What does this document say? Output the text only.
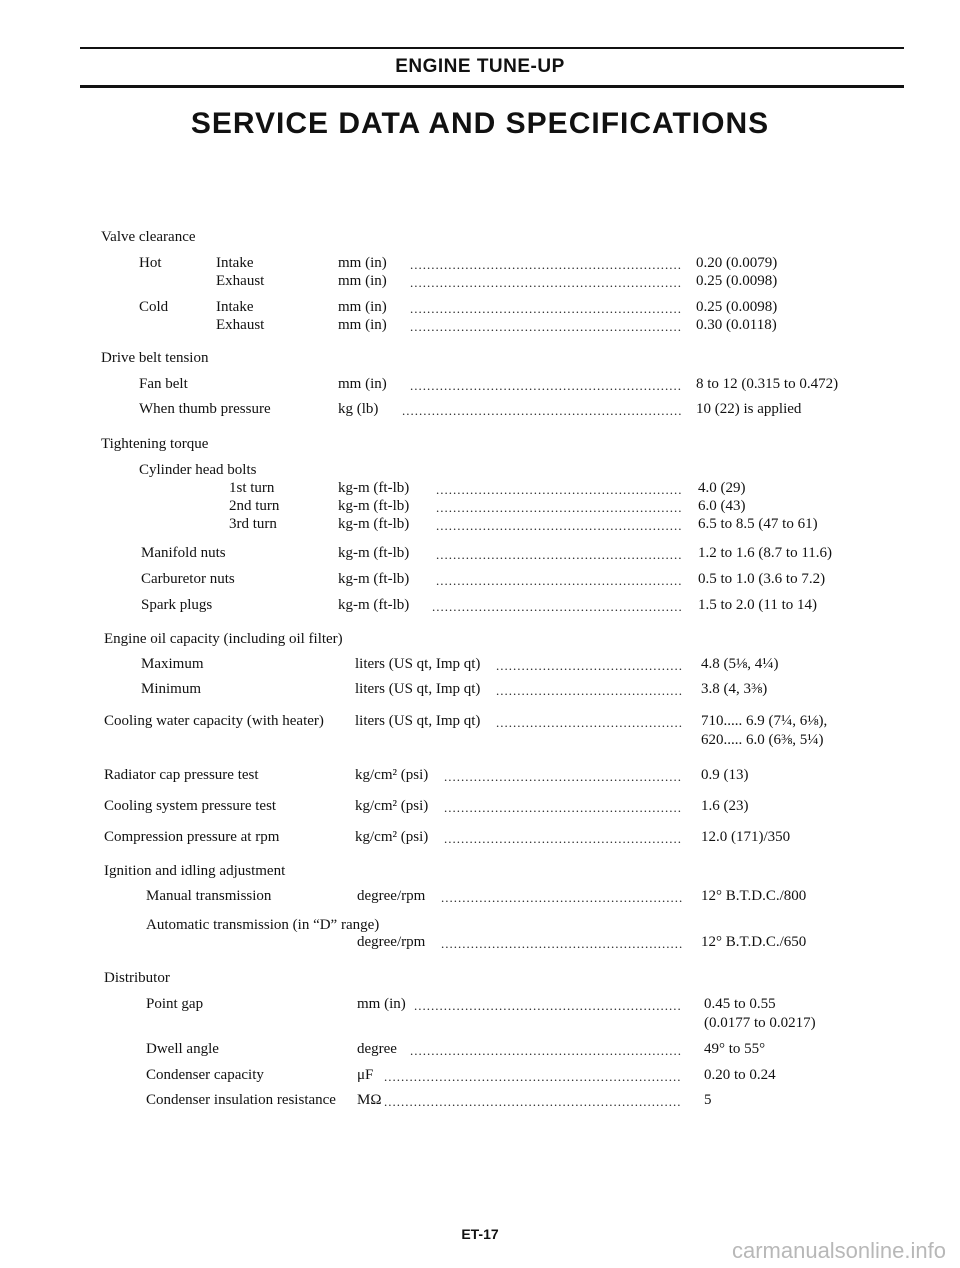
ENGINE TUNE-UP
SERVICE DATA AND SPECIFICATIONS
Valve clearance
Hot	Intake	mm (in) .....	0.20 (0.0079)
Exhaust	mm (in) .....	0.25 (0.0098)
Cold	Intake	mm (in) .....	0.25 (0.0098)
Exhaust	mm (in) .....	0.30 (0.0118)
Drive belt tension
Fan belt	mm (in) .....	8 to 12 (0.315 to 0.472)
When thumb pressure	kg (lb) .....	10 (22) is applied
Tightening torque
Cylinder head bolts
1st turn	kg-m (ft-lb) .....	4.0 (29)
2nd turn	kg-m (ft-lb) .....	6.0 (43)
3rd turn	kg-m (ft-lb) .....	6.5 to 8.5 (47 to 61)
Manifold nuts	kg-m (ft-lb) .....	1.2 to 1.6 (8.7 to 11.6)
Carburetor nuts	kg-m (ft-lb) .....	0.5 to 1.0 (3.6 to 7.2)
Spark plugs	kg-m (ft-lb) .....	1.5 to 2.0 (11 to 14)
Engine oil capacity (including oil filter)
Maximum	liters (US qt, Imp qt) .....	4.8 (5⅛, 4¼)
Minimum	liters (US qt, Imp qt) .....	3.8 (4, 3⅜)
Cooling water capacity (with heater) liters (US qt, Imp qt) .....	710..... 6.9 (7¼, 6⅛),
620..... 6.0 (6⅜, 5¼)
Radiator cap pressure test	kg/cm² (psi) .....	0.9 (13)
Cooling system pressure test	kg/cm² (psi) .....	1.6 (23)
Compression pressure at rpm	kg/cm² (psi) .....	12.0 (171)/350
Ignition and idling adjustment
Manual transmission	degree/rpm .....	12° B.T.D.C./800
Automatic transmission (in “D” range)
degree/rpm .....	12° B.T.D.C./650
Distributor
Point gap	mm (in) .....	0.45 to 0.55
(0.0177 to 0.0217)
Dwell angle	degree .....	49° to 55°
Condenser capacity	μF .....	0.20 to 0.24
Condenser insulation resistance MΩ .....	5
ET-17
carmanualsonline.info
